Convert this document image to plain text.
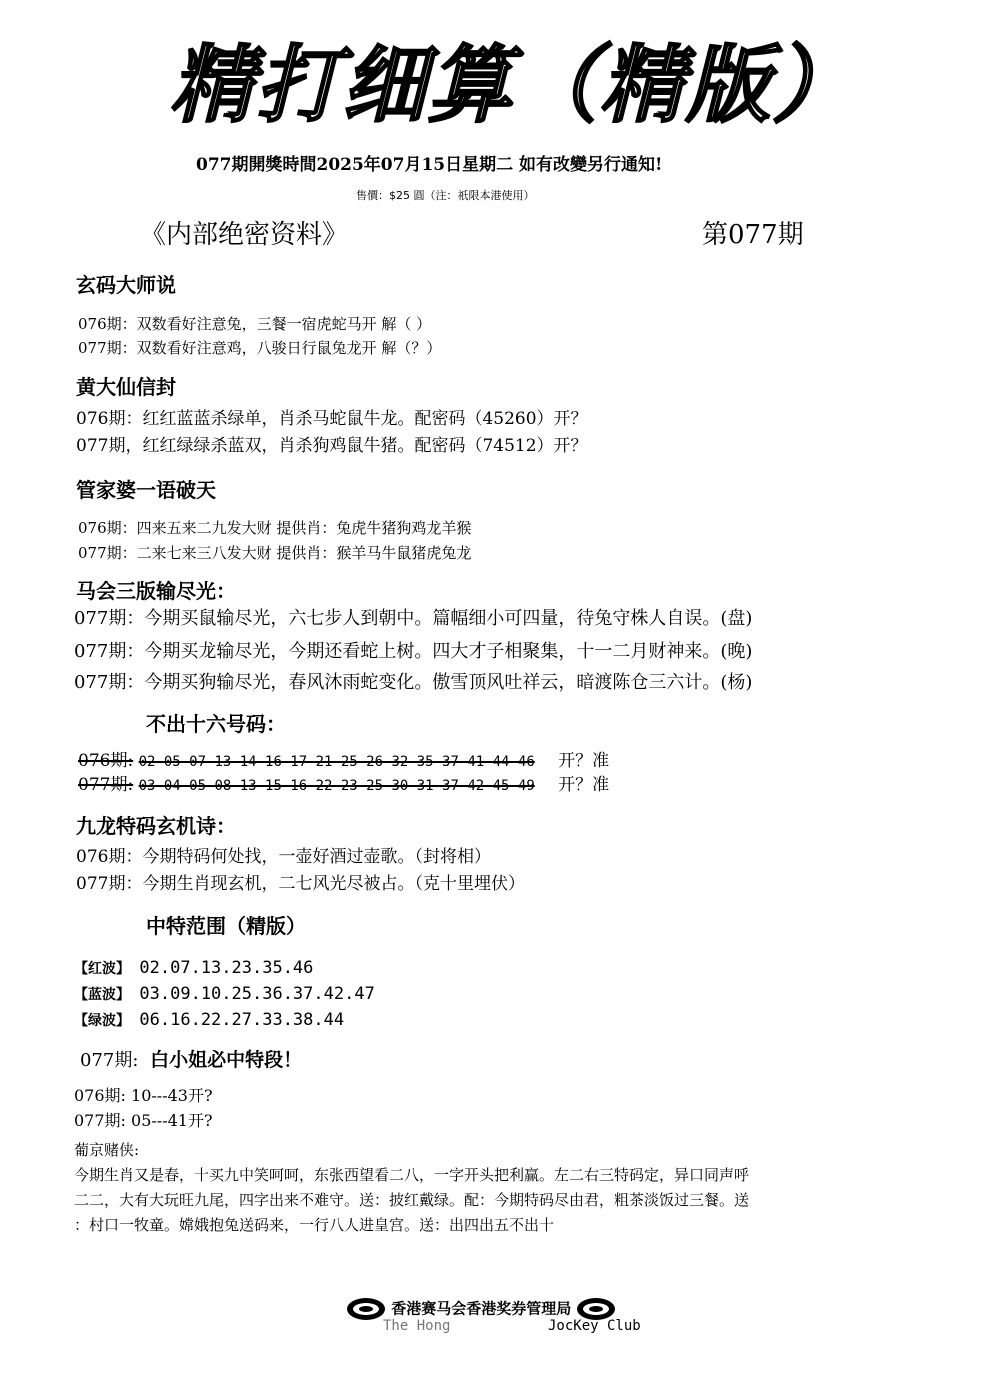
精打细算（精版）
077期開獎時間2025年07月15日星期二 如有改變另行通知!
售價：$25 圓（注：祇限本港使用）
《内部绝密资料》	第077期
玄码大师说
076期：双数看好注意兔，三餐一宿虎蛇马开 解（ ）
077期：双数看好注意鸡，八骏日行鼠兔龙开 解（？）
黄大仙信封
076期：红红蓝蓝杀绿单，肖杀马蛇鼠牛龙。配密码（45260）开？
077期，红红绿绿杀蓝双，肖杀狗鸡鼠牛猪。配密码（74512）开？
管家婆一语破天
076期：四来五来二九发大财 提供肖：兔虎牛猪狗鸡龙羊猴
077期：二来七来三八发大财 提供肖：猴羊马牛鼠猪虎兔龙
马会三版输尽光：
077期：今期买鼠输尽光，六七步人到朝中。篇幅细小可四量，待兔守株人自误。(盘)
077期：今期买龙输尽光，今期还看蛇上树。四大才子相聚集，十一二月财神来。(晚)
077期：今期买狗输尽光，春风沐雨蛇变化。傲雪顶风吐祥云，暗渡陈仓三六计。(杨)
不出十六号码：
076期: 02 05 07 13 14 16 17 21 25 26 32 35 37 41 44 46 开？准
077期: 03 04 05 08 13 15 16 22 23 25 30 31 37 42 45 49 开？准
九龙特码玄机诗：
076期：今期特码何处找，一壶好酒过壶歌。（封将相）
077期：今期生肖现玄机，二七风光尽被占。（克十里埋伏）
中特范围（精版）
【红波】 02.07.13.23.35.46
【蓝波】 03.09.10.25.36.37.42.47
【绿波】 06.16.22.27.33.38.44
077期: 白小姐必中特段！
076期: 10---43开?
077期: 05---41开?
葡京赌侠:
今期生肖又是春，十买九中笑呵呵，东张西望看二八，一字开头把利赢。左二右三特码定，异口同声呼
二二，大有大玩旺九尾，四字出来不难守。送：披红戴绿。配：今期特码尽由君，粗茶淡饭过三餐。送
：村口一牧童。嫦娥抱兔送码来，一行八人进皇宫。送：出四出五不出十
香港赛马会香港奖券管理局
The Hong	JocKey Club
